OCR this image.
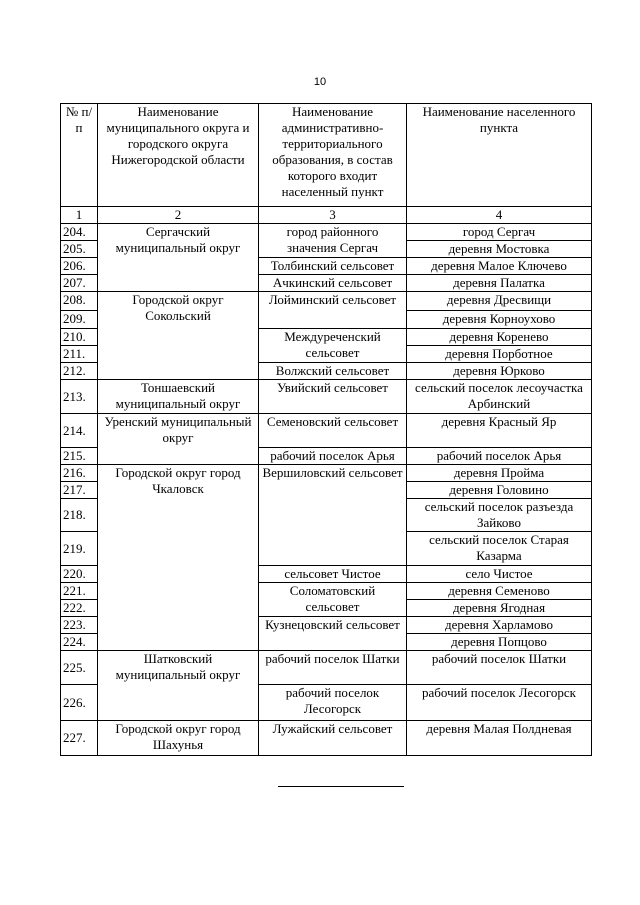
10
№ п/п	Наименование муниципального округа и городского округа Нижегородской области	Наименование административно-территориального образования, в состав которого входит населенный пункт	Наименование населенного пункта
1	2	3	4
204.	Сергачский муниципальный округ	город районного значения Сергач	город Сергач
205.			деревня Мостовка
206.		Толбинский сельсовет	деревня Малое Ключево
207.		Ачкинский сельсовет	деревня Палатка
208.	Городской округ Сокольский	Лойминский сельсовет	деревня Дресвищи
209.			деревня Корноухово
210.		Междуреченский сельсовет	деревня Коренево
211.			деревня Порботное
212.		Волжский сельсовет	деревня Юрково
213.	Тоншаевский муниципальный округ	Увийский сельсовет	сельский поселок лесоучастка Арбинский
214.	Уренский муниципальный округ	Семеновский сельсовет	деревня Красный Яр
215.		рабочий поселок Арья	рабочий поселок Арья
216.	Городской округ город Чкаловск	Вершиловский сельсовет	деревня Пройма
217.			деревня Головино
218.			сельский поселок разъезда Зайково
219.			сельский поселок Старая Казарма
220.		сельсовет Чистое	село Чистое
221.		Соломатовский сельсовет	деревня Семеново
222.			деревня Ягодная
223.		Кузнецовский сельсовет	деревня Харламово
224.			деревня Попцово
225.	Шатковский муниципальный округ	рабочий поселок Шатки	рабочий поселок Шатки
226.		рабочий поселок Лесогорск	рабочий поселок Лесогорск
227.	Городской округ город Шахунья	Лужайский сельсовет	деревня Малая Полдневая
